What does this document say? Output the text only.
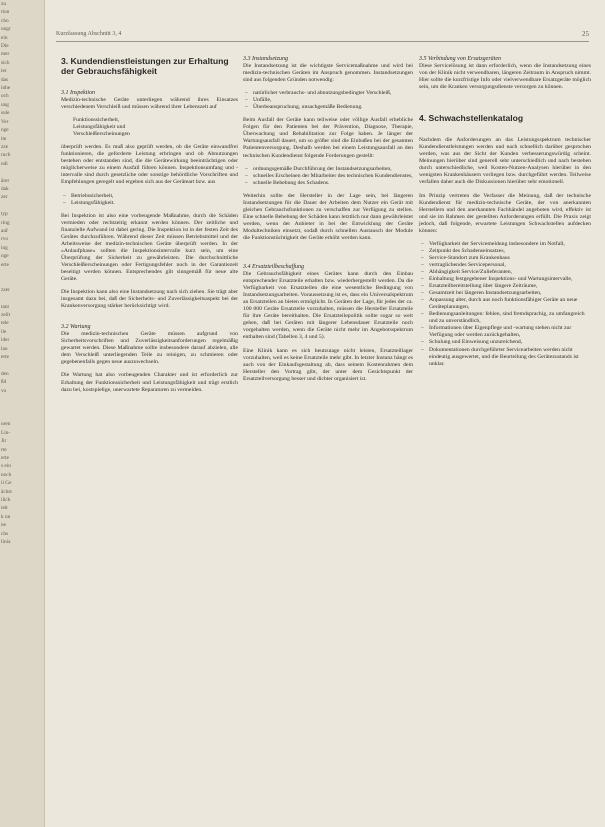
zu
tion
cho
ungr
ein
Die
mer
sich
ier
das
inhe
och
ung
sule
Ver
nge
ite
zze
ruch
ndi

ärer
dak
zer

typ
ring
auf
rvo
ing
nge
erte

zzer

tant
zeilt
tele
lle
ider
lau
erte

den
ßd
vo

oren
Lin-
Jir
rte
erte
s ein
noch
ii Ge
ächst
ilich
ieit
k nn
ne
chs
linia
Kurzfassung Abschnitt 3, 4	25
3. Kundendienstleistungen zur Erhaltung der Gebrauchsfähigkeit
3.1 Inspektion

Medizin-technische Geräte unterliegen während ihres Einsatzes verschiedenem Verschleiß und müssen während ihrer Lebenszeit auf

Funktionssicherheit,
Leistungsfähigkeit und
Verschleißerscheinungen

überprüft werden. Es muß also geprüft werden, ob die Geräte einwandfrei funktionieren, die geforderte Leistung erbringen und ob Abnutzungen bestehen oder entstanden sind, die die Gerätewirkung beeinträchtigen oder möglicherweise zu einem Ausfall führen können. Inspektionsumfang und -intervalle sind durch gesetzliche oder sonstige behördliche Vorschriften und Empfehlungen geregelt und ergeben sich aus der Geräteart bzw. aus

– Betriebssicherheit,
– Leistungsfähigkeit.

Bei Inspektion ist also eine vorbeugende Maßnahme, durch die Schäden vermieden oder rechtzeitig erkannt werden können. Der zeitliche und finanzielle Aufwand ist dabei gering. Die Inspektion ist in der festen Zeit des Gerätes durchzuführen. Während dieser Zeit müssen Betriebsmittel und der Arbeitsweise der medizin-technischen Geräte überprüft werden. In der »Anlaufphase« sollten die Inspektionsintervalle kurz sein, um eine Überprüfung der Sicherheit zu gewährleisten. Die durchschnittliche Verschleißerscheinungen oder Fertigungsfehler noch in der Garantiezeit beseitigt werden können. Entsprechendes gilt sinngemäß für neue alte Geräte.

Die Inspektion kann also eine Instandsetzung nach sich ziehen. Sie trägt aber insgesamt dazu bei, daß der Sicherheits- und Zuverlässigkeitsaspekt bei der Krankenversorgung stärker berücksichtigt wird.

3.2 Wartung

Die medizin-technischen Geräte müssen aufgrund von Sicherheitsvorschriften und Zuverlässigkeitsanforderungen regelmäßig gewartet werden. Diese Maßnahme sollte insbesondere darauf abzielen, alle dem Verschleiß unterliegenden Teile zu reinigen, zu schmieren oder gegebenenfalls gegen neue auszuwechseln.

Die Wartung hat also vorbeugenden Charakter und ist erforderlich zur Erhaltung der Funktionssicherheit und Leistungsfähigkeit und trägt erstlich dazu bei, kostspielige, unerwartete Reparaturen zu vermeiden.

3.3 Instandsetzung

Die Instandsetzung ist die wichtigste Servicemaßnahme und wird bei medizin-technischen Geräten im Anspruch genommen. Instandsetzungen sind aus folgenden Gründen notwendig:

– natürlicher verbrauchs- und abnutzungsbedingter Verschleiß,
– Unfälle,
– Überbeanspruchung, unsachgemäße Bedienung.

Beim Ausfall der Geräte kann teilweise oder völlige Ausfall erhebliche Folgen für den Patienten bei der Prävention, Diagnose, Therapie, Überwachung und Rehabilitation zur Folge haben. Je länger der Wartungsausfall dauert, um so größer sind die Einbußen bei der gesamten Patientenversorgung. Deshalb werden bei einem Leistungsausfall an den technischen Kundendienst folgende Forderungen gestellt:

– ordnungsgemäße Durchführung der Instandsetzungsarbeiten,
– schnelles Erscheinen der Mitarbeiter des technischen Kundendienstes,
– schnelle Behebung des Schadens.

Weiterhin sollte der Hersteller in der Lage sein, bei längeren Instandsetzungen für die Dauer der Arbeiten dem Nutzer ein Gerät mit gleichen Gebrauchsfunktionen zu verschaffen zur Verfügung zu stellen. Eine schnelle Behebung der Schäden kann letztlich nur dann gewährleistet werden, wenn der Anbieter in bei der Entwicklung der Geräte Modultechniken einsetzt, sodaß durch schnellen Austausch der Module die Funktionstüchtigkeit der Geräte erhöht werden kann.

3.4 Ersatzteilbeschaffung

Die Gebrauchsfähigkeit eines Gerätes kann durch den Einbau entsprechender Ersatzteile erhalten bzw. wiederhergestellt werden. Da die Verfügbarkeit von Ersatzteilen die eine wesentliche Bedingung von Instandsetzungsarbeiten. Voraussetzung ist es, dass ein Universalspektrum an Ersatzteilen an bieten ermöglicht. In Geräten der Lage, für jedes der ca. 100 000 Geräte Ersatzteile vorzuhalten, müssen die Hersteller Ersatzteile für ihre Geräte bereithalten. Die Ersatzteilepolitik sollte sogar so weit gehen, daß bei Geräten mit längerer Lebensdauer Ersatzteile noch vorgehalten werden, wenn die Geräte nicht mehr im Angebotsspektrum enthalten sind (Tabellen 3, 4 und 5).

Eine Klinik kann es sich heutzutage nicht leisten, Ersatzteillager vorzuhalten, weil es keine Ersatzteile mehr gibt. In letzter Instanz hängt es auch von der Einkaufsgestaltung ab, dass seinem Kostenrahmen dem Hersteller den Vortrag gibt, der unter dem Gesichtspunkt der Ersatzteilversorgung besser und dichter organisiert ist.

3.5 Verbindung von Ersatzgeräten

Diese Servicelösung ist dann erforderlich, wenn die Instandsetzung eines von der Klinik nicht verwendbaren, längeren Zeitraum in Anspruch nimmt. Hier sollte die kurzfristige Info oder vielverwendbare Ersatzgeräte möglich sein, um die Kranken versorgungsdienste versorgen zu können.

4. Schwachstellenkatalog

Nachdem die Anforderungen an das Leistungsspektrum technischer Kundendienstleistungen werden und nach schnellich darüber gesprochen werden, was aus der Sicht der Kunden verbesserungswürdig scheint. Meinungen hierüber sind generell sehr unterschiedlich und nach bestehen durch unterschiedliche, weil Kosten-Nutzen-Analysen hierüber in den wenigsten Krankenhäusern vorliegen bzw. durchgeführt werden. Teilweise verfallen daher auch die Diskussionen hierüber sehr emotionell.

Im Prinzip vertreten die Verfasser die Meinung, daß der technische Kundendienst für medizin-technische Geräte, der von anerkannten Herstellern und den anerkannten Fachhändel angeboten wird, effektiv ist und sie im Rahmen der gestellten Anforderungen erfüllt. Die Praxis zeigt jedoch, daß folgende, erwartete Leistungen Schwachstellen aufdecken können:

– Verfügbarkeit der Servicemeldung insbesondere im Notfall,
– Zeitpunkt des Schadenseinsatzes,
– Service-Standort zum Krankenhaus
– vertraglichendes Servicepersonal,
– Abhängigkeit Service/Zulieferanten,
– Einhaltung festgegebener Inspektions- und Wartungsintervalle,
– Ersatzteilbereitstellung über längere Zeiträume,
– Gesamtzeit bei längeren Instandsetzungsarbeiten,
– Anpassung alter, durch aus noch funktionsfähiger Geräte an neue Geräteplanungen,
– Bedienungsanleitungen: fehlen, sind fremdsprachig, zu umfangreich und zu unverständlich,
– Informationen über Eigenpflege und -wartung stehen nicht zur Verfügung oder werden zurückgehalten,
– Schulung und Einweisung unzureichend,
– Dokumentationen durchgeführter Servicearbeiten werden nicht eindeutig ausgewertet, und die Beurteilung des Gerätezustands ist unklar.
